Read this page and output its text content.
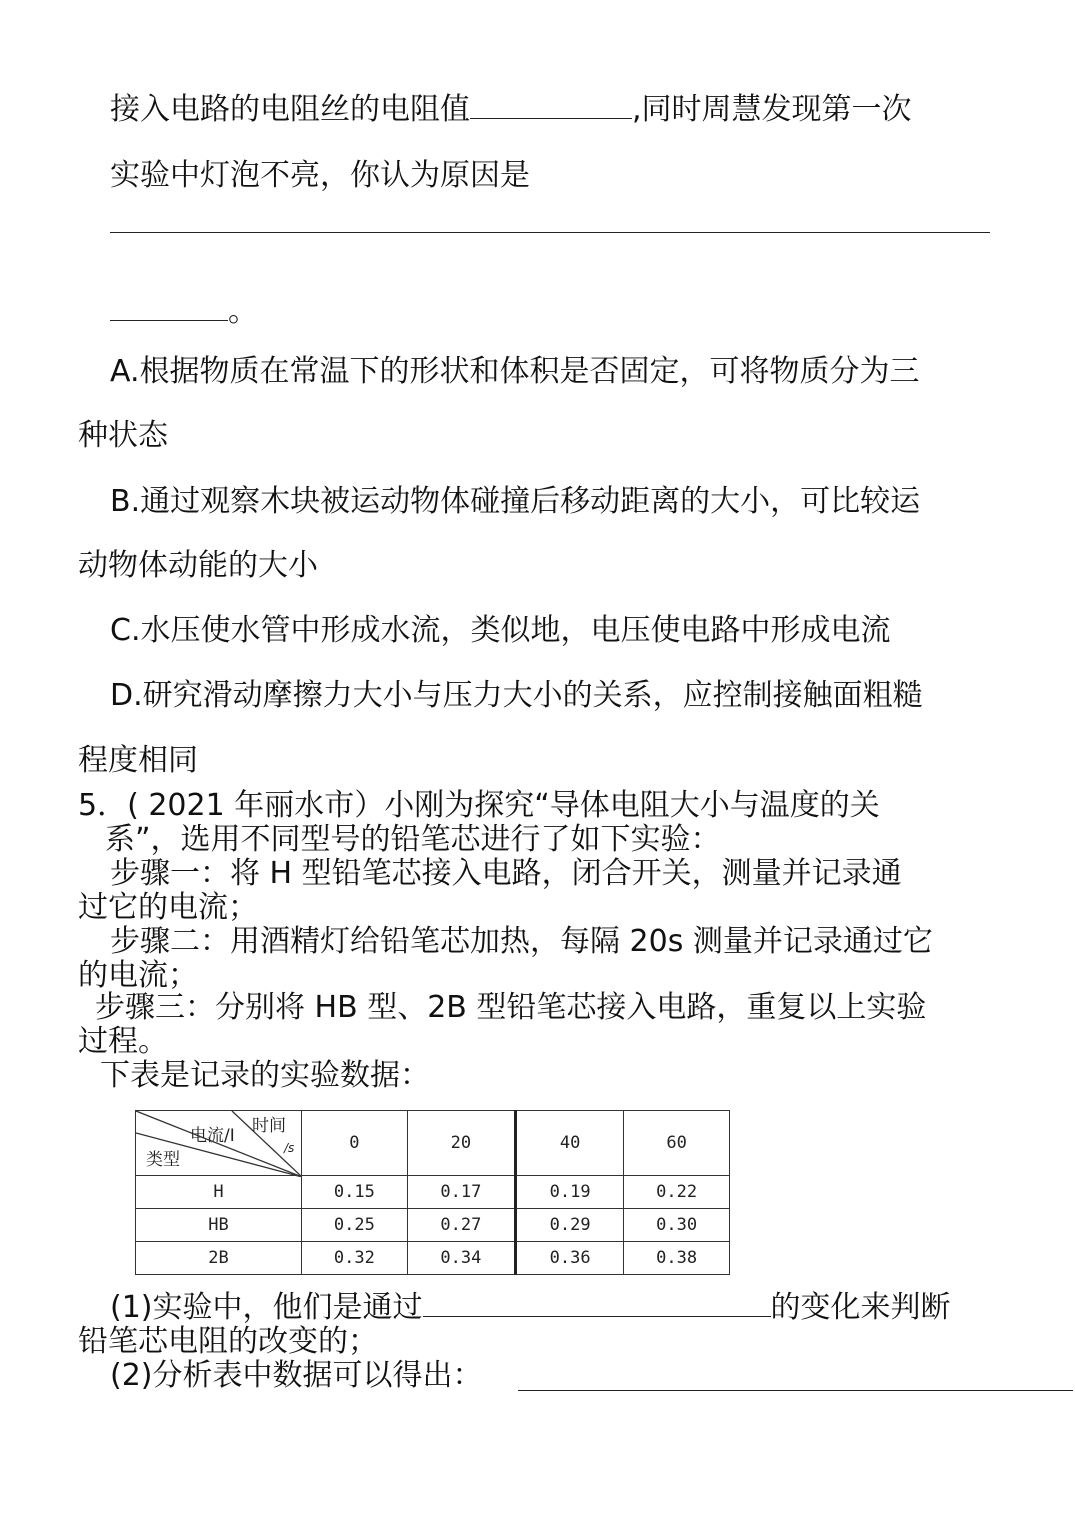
接入电路的电阻丝的电阻值	,同时周慧发现第一次
实验中灯泡不亮，你认为原因是
。
A.根据物质在常温下的形状和体积是否固定，可将物质分为三
种状态
B.通过观察木块被运动物体碰撞后移动距离的大小，可比较运
动物体动能的大小
C.水压使水管中形成水流，类似地，电压使电路中形成电流
D.研究滑动摩擦力大小与压力大小的关系，应控制接触面粗糙
程度相同
5．( 2021 年丽水市）小刚为探究“导体电阻大小与温度的关
系”，选用不同型号的铅笔芯进行了如下实验：
步骤一：将 H 型铅笔芯接入电路，闭合开关，测量并记录通
过它的电流；
步骤二：用酒精灯给铅笔芯加热，每隔 20s 测量并记录通过它
的电流；
步骤三：分别将 HB 型、2B 型铅笔芯接入电路，重复以上实验
过程。
下表是记录的实验数据：
电流/I 时间
/s
类型	0	20	40	60
H	0.15	0.17	0.19	0.22
HB	0.25	0.27	0.29	0.30
2B	0.32	0.34	0.36	0.38
(1)实验中，他们是通过	的变化来判断
铅笔芯电阻的改变的；
(2)分析表中数据可以得出：
